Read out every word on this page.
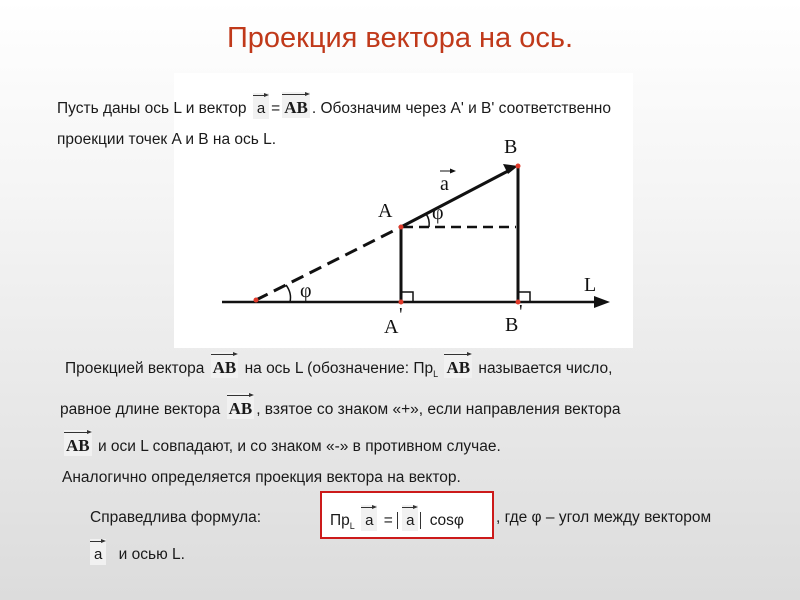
Проекция вектора на ось.
B
A
a
φ
φ	L
A
'	B
'
Пусть даны ось L и вектор a = AB . Обозначим через A' и B' соответственно
проекции точек A и B на ось L.
Проекцией вектора AB на ось L (обозначение: $Пр_L$ AB называется число,
равное длине вектора AB , взятое со знаком «+», если направления вектора
AB и оси L совпадают, и со знаком «-» в противном случае.
Аналогично определяется проекция вектора на вектор.
Справедлива формула:	$Пр_L$ a = a cosφ , где φ – угол между вектором
a и осью L.
